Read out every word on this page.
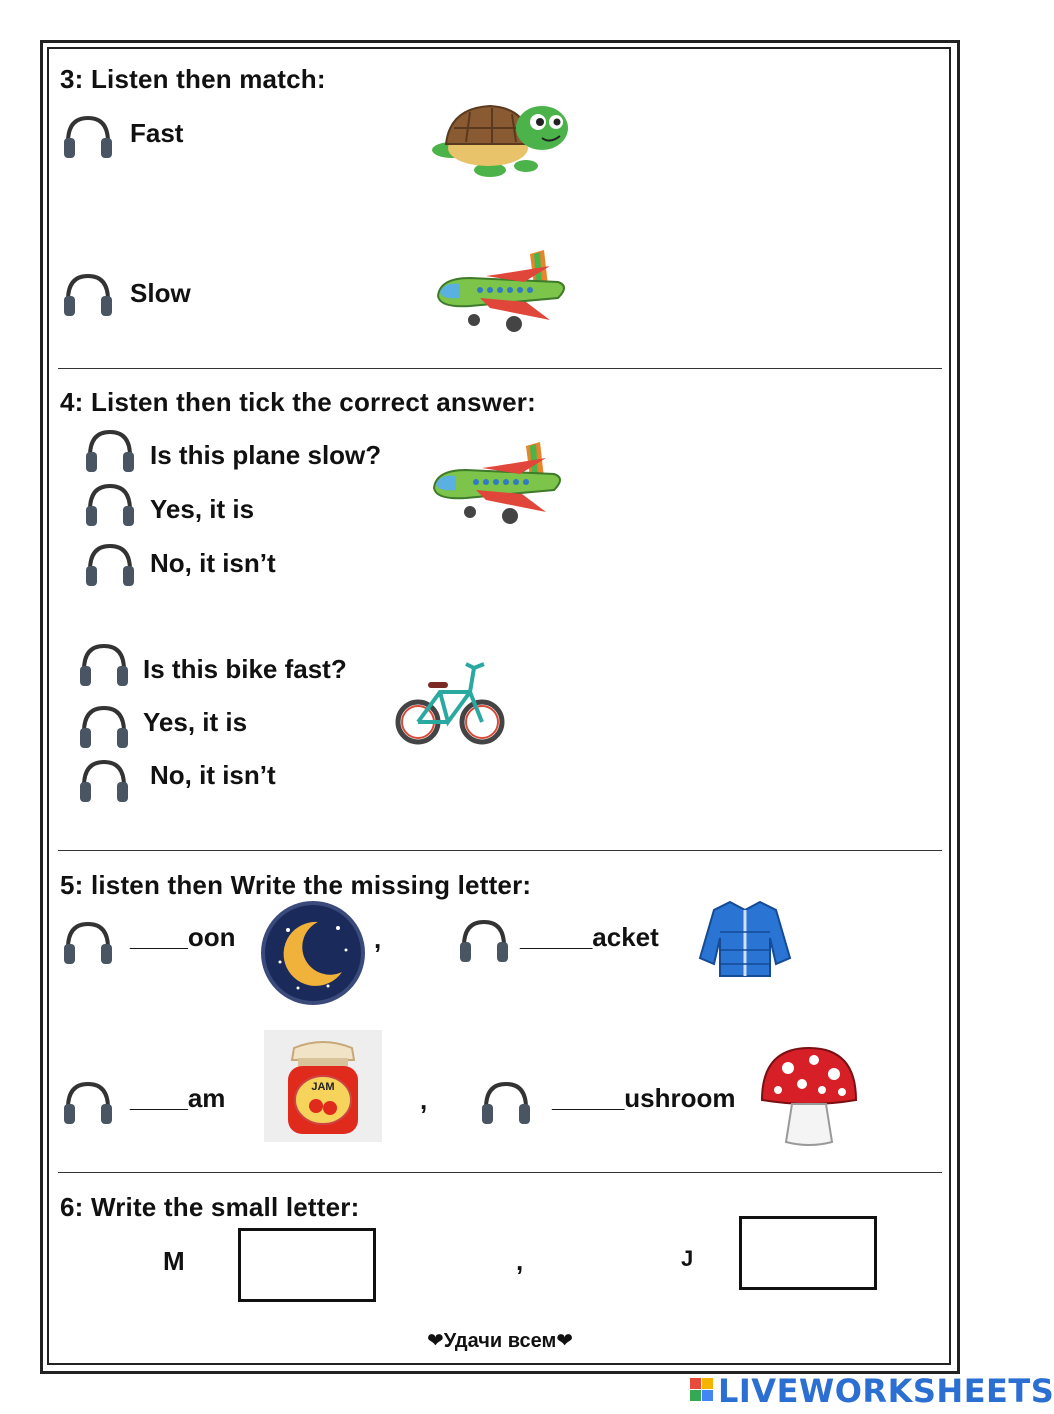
3: Listen then match:
Fast
Slow
4: Listen then tick the correct answer:
Is this plane slow?
Yes, it is
No, it isn’t
Is this bike fast?
Yes, it is
No, it isn’t
5: listen then Write the missing letter:
____oon	,	_____acket
____am	JAM	,	_____ushroom
6: Write the small letter:
M	,	J
❤Удачи всем❤
LIVEWORKSHEETS
